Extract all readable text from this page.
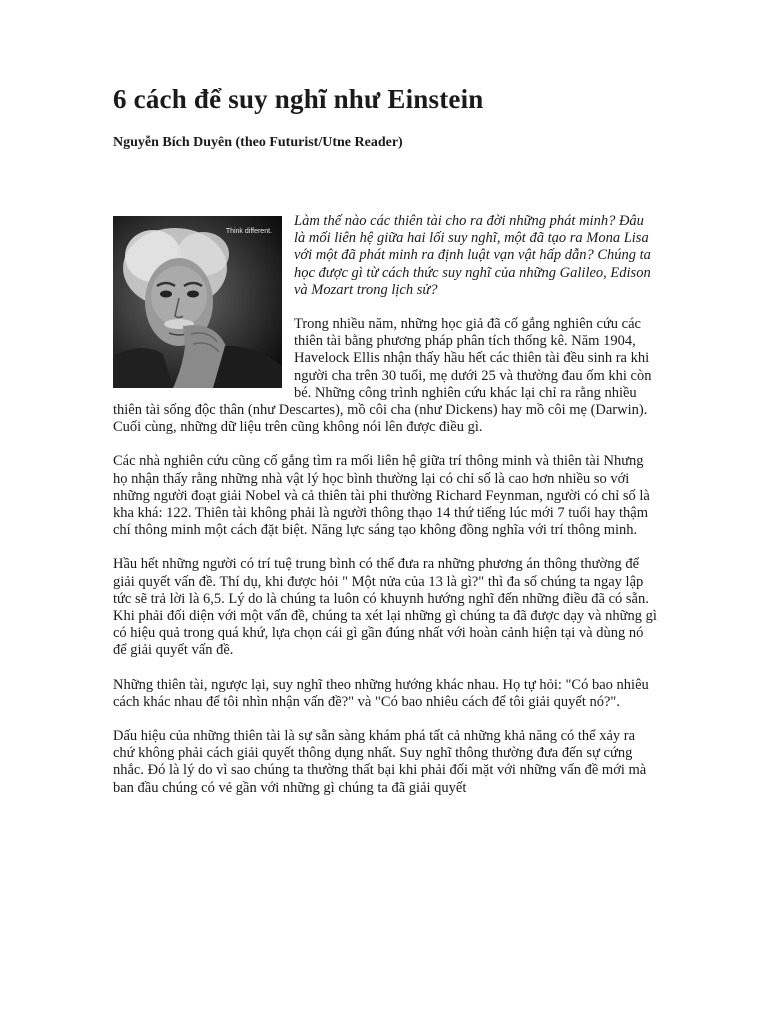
6 cách để suy nghĩ như Einstein

Nguyễn Bích Duyên (theo Futurist/Utne Reader)

Think different.

Làm thế nào các thiên tài cho ra đời những phát minh? Đâu là mối liên hệ giữa hai lối suy nghĩ, một đã tạo ra Mona Lisa với một đã phát minh ra định luật vạn vật hấp dẫn? Chúng ta học được gì từ cách thức suy nghĩ của những Galileo, Edison và Mozart trong lịch sử?

Trong nhiều năm, những học giả đã cố gắng nghiên cứu các thiên tài bằng phương pháp phân tích thống kê. Năm 1904, Havelock Ellis nhận thấy hầu hết các thiên tài đều sinh ra khi người cha trên 30 tuổi, mẹ dưới 25 và thường đau ốm khi còn bé. Những công trình nghiên cứu khác lại chỉ ra rằng nhiều thiên tài sống độc thân (như Descartes), mồ côi cha (như Dickens) hay mồ côi mẹ (Darwin). Cuối cùng, những dữ liệu trên cũng không nói lên được điều gì.

Các nhà nghiên cứu cũng cố gắng tìm ra mối liên hệ giữa trí thông minh và thiên tài Nhưng họ nhận thấy rằng những nhà vật lý học bình thường lại có chỉ số là cao hơn nhiều so với những người đoạt giải Nobel và cả thiên tài phi thường Richard Feynman, người có chỉ số là kha khá: 122. Thiên tài không phải là người thông thạo 14 thứ tiếng lúc mới 7 tuổi hay thậm chí thông minh một cách đặt biệt. Năng lực sáng tạo không đồng nghĩa với trí thông minh.

Hầu hết những người có trí tuệ trung bình có thể đưa ra những phương án thông thường để giải quyết vấn đề. Thí dụ, khi được hỏi " Một nửa của 13 là gì?" thì đa số chúng ta ngay lập tức sẽ trả lời là 6,5. Lý do là chúng ta luôn có khuynh hướng nghĩ đến những điều đã có sẵn. Khi phải đối diện với một vấn đề, chúng ta xét lại những gì chúng ta đã được dạy và những gì có hiệu quả trong quá khứ, lựa chọn cái gì gần đúng nhất với hoàn cảnh hiện tại và dùng nó để giải quyết vấn đề.

Những thiên tài, ngược lại, suy nghĩ theo những hướng khác nhau. Họ tự hỏi: "Có bao nhiêu cách khác nhau để tôi nhìn nhận vấn đề?" và "Có bao nhiêu cách để tôi giải quyết nó?".

Dấu hiệu của những thiên tài là sự sẵn sàng khám phá tất cả những khả năng có thể xảy ra chứ không phải cách giải quyết thông dụng nhất. Suy nghĩ thông thường đưa đến sự cứng nhắc. Đó là lý do vì sao chúng ta thường thất bại khi phải đối mặt với những vấn đề mới mà ban đầu chúng có vẻ gần với những gì chúng ta đã giải quyết
